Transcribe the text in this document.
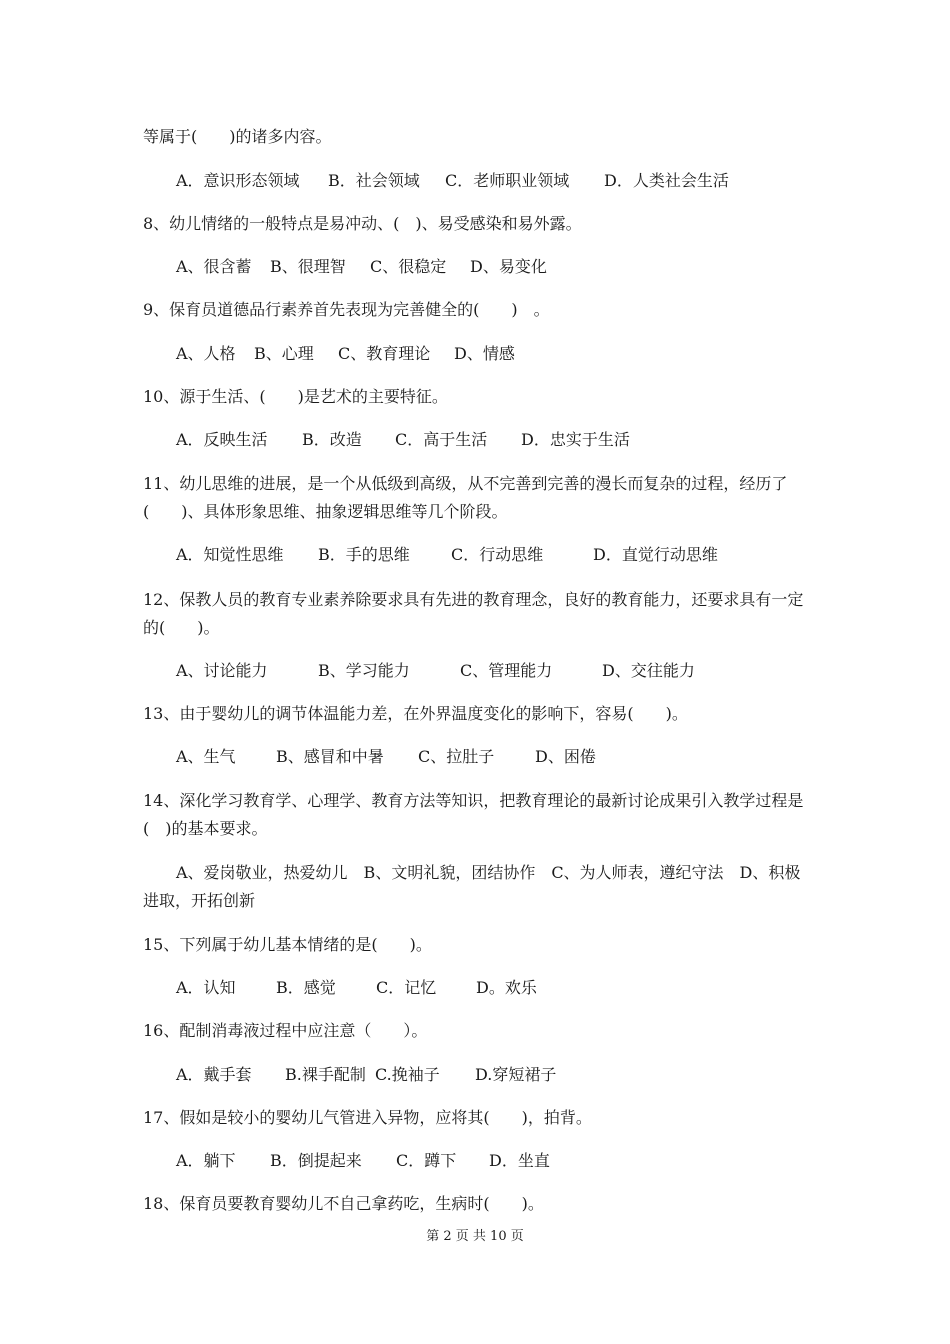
等属于(　　)的诸多内容。
A．意识形态领域 B．社会领域 C．老师职业领域 D．人类社会生活
8、幼儿情绪的一般特点是易冲动、(　)、易受感染和易外露。
A、很含蓄 B、很理智 C、很稳定 D、易变化
9、保育员道德品行素养首先表现为完善健全的(　　)　。
A、人格 B、心理 C、教育理论 D、情感
10、源于生活、(　　)是艺术的主要特征。
A．反映生活 B．改造 C．高于生活 D．忠实于生活
11、幼儿思维的进展，是一个从低级到高级，从不完善到完善的漫长而复杂的过程，经历了(　　)、具体形象思维、抽象逻辑思维等几个阶段。
A．知觉性思维 B．手的思维	C．行动思维	D．直觉行动思维
12、保教人员的教育专业素养除要求具有先进的教育理念，良好的教育能力，还要求具有一定的(　　)。
A、讨论能力	B、学习能力	C、管理能力	D、交往能力
13、由于婴幼儿的调节体温能力差，在外界温度变化的影响下，容易(　　)。
A、生气	B、感冒和中暑 C、拉肚子	D、困倦
14、深化学习教育学、心理学、教育方法等知识，把教育理论的最新讨论成果引入教学过程是(　)的基本要求。
A、爱岗敬业，热爱幼儿　B、文明礼貌，团结协作　C、为人师表，遵纪守法　D、积极进取，开拓创新
15、下列属于幼儿基本情绪的是(　　)。
A．认知	B．感觉	C．记忆 D。欢乐
16、配制消毒液过程中应注意（　　）。
A．戴手套 B.裸手配制 C.挽袖子 D.穿短裙子
17、假如是较小的婴幼儿气管进入异物，应将其(　　)，拍背。
A．躺下 B．倒提起来 C．蹲下 D．坐直
18、保育员要教育婴幼儿不自己拿药吃，生病时(　　)。
第 2 页 共 10 页
